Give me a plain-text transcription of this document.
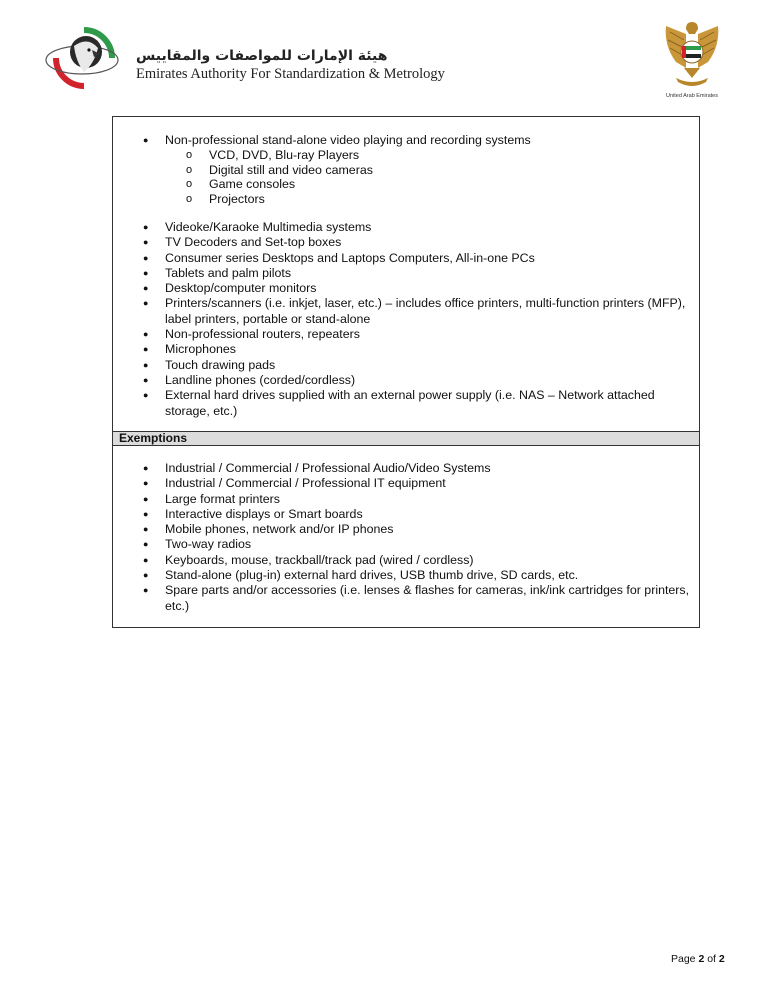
هيئة الإمارات للمواصفات والمقاييس
Emirates Authority For Standardization & Metrology
United Arab Emirates
● Non-professional stand-alone video playing and recording systems
o VCD, DVD, Blu-ray Players
o Digital still and video cameras
o Game consoles
o Projectors
● Videoke/Karaoke Multimedia systems
● TV Decoders and Set-top boxes
● Consumer series Desktops and Laptops Computers, All-in-one PCs
● Tablets and palm pilots
● Desktop/computer monitors
● Printers/scanners (i.e. inkjet, laser, etc.) – includes office printers, multi-function printers (MFP), label printers, portable or stand-alone
● Non-professional routers, repeaters
● Microphones
● Touch drawing pads
● Landline phones (corded/cordless)
● External hard drives supplied with an external power supply (i.e. NAS – Network attached storage, etc.)
Exemptions
● Industrial / Commercial / Professional Audio/Video Systems
● Industrial / Commercial / Professional IT equipment
● Large format printers
● Interactive displays or Smart boards
● Mobile phones, network and/or IP phones
● Two-way radios
● Keyboards, mouse, trackball/track pad (wired / cordless)
● Stand-alone (plug-in) external hard drives, USB thumb drive, SD cards, etc.
● Spare parts and/or accessories (i.e. lenses & flashes for cameras, ink/ink cartridges for printers, etc.)
Page 2 of 2
